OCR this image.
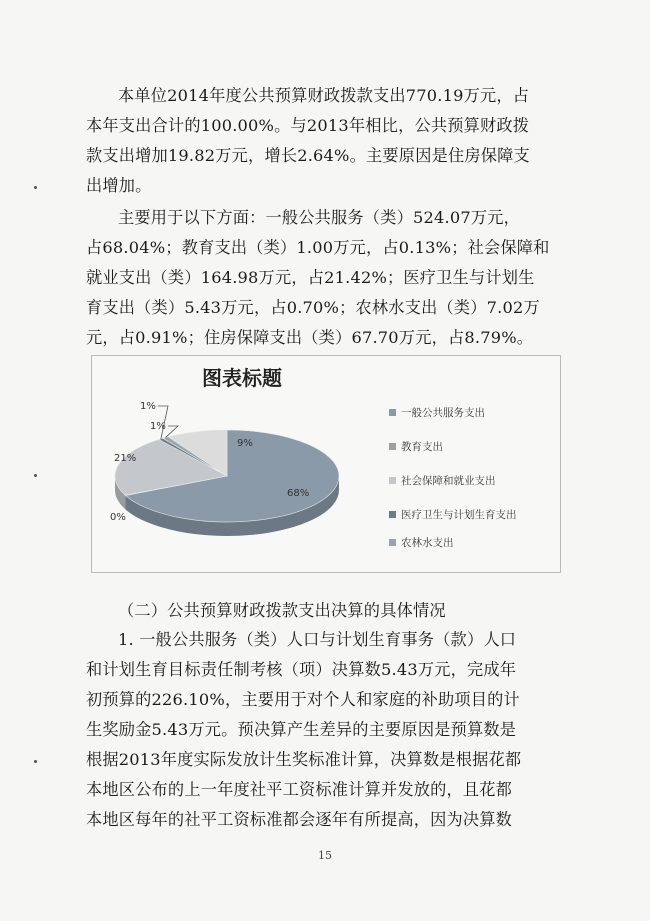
本单位2014年度公共预算财政拨款支出770.19万元，占
本年支出合计的100.00%。与2013年相比，公共预算财政拨
款支出增加19.82万元，增长2.64%。主要原因是住房保障支
出增加。
主要用于以下方面：一般公共服务（类）524.07万元，
占68.04%；教育支出（类）1.00万元，占0.13%；社会保障和
就业支出（类）164.98万元，占21.42%；医疗卫生与计划生
育支出（类）5.43万元，占0.70%；农林水支出（类）7.02万
元，占0.91%；住房保障支出（类）67.70万元，占8.79%。
图表标题
68%
0%
21%
1%
1%
9%
一般公共服务支出
教育支出
社会保障和就业支出
医疗卫生与计划生育支出
农林水支出
（二）公共预算财政拨款支出决算的具体情况
1. 一般公共服务（类）人口与计划生育事务（款）人口
和计划生育目标责任制考核（项）决算数5.43万元，完成年
初预算的226.10%，主要用于对个人和家庭的补助项目的计
生奖励金5.43万元。预决算产生差异的主要原因是预算数是
根据2013年度实际发放计生奖标准计算，决算数是根据花都
本地区公布的上一年度社平工资标准计算并发放的，且花都
本地区每年的社平工资标准都会逐年有所提高，因为决算数
15
